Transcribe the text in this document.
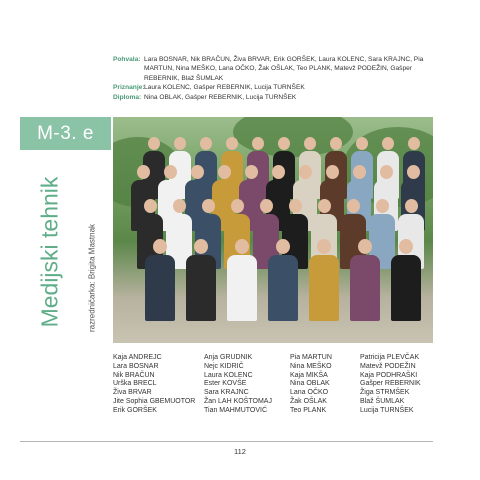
Pohvala: Lara BOSNAR, Nik BRAČUN, Živa BRVAR, Erik GORŠEK, Laura KOLENC, Sara KRAJNC, Pia MARTUN, Nina MEŠKO, Lana OČKO, Žak OŠLAK, Teo PLANK, Matevž PODEŽIN, Gašper REBERNIK, Blaž ŠUMLAK
Priznanje: Laura KOLENC, Gašper REBERNIK, Lucija TURNŠEK
Diploma: Nina OBLAK, Gašper REBERNIK, Lucija TURNŠEK
M-3. e
Medijski tehnik	razredničarka: Brigita Mastnak
Kaja ANDREJC
Lara BOSNAR
Nik BRAČUN
Urška BRECL
Živa BRVAR
Jite Sophia GBEMUOTOR
Erik GORŠEK
Anja GRUDNIK
Nejc KIDRIČ
Laura KOLENC
Ester KOVŠE
Sara KRAJNC
Žan LAH KOŠTOMAJ
Tian MAHMUTOVIĆ
Pia MARTUN
Nina MEŠKO
Kaja MIKŠA
Nina OBLAK
Lana OČKO
Žak OŠLAK
Teo PLANK
Patricija PLEVČAK
Matevž PODEŽIN
Kaja PODHRAŠKI
Gašper REBERNIK
Žiga STRMŠEK
Blaž ŠUMLAK
Lucija TURNŠEK
112
